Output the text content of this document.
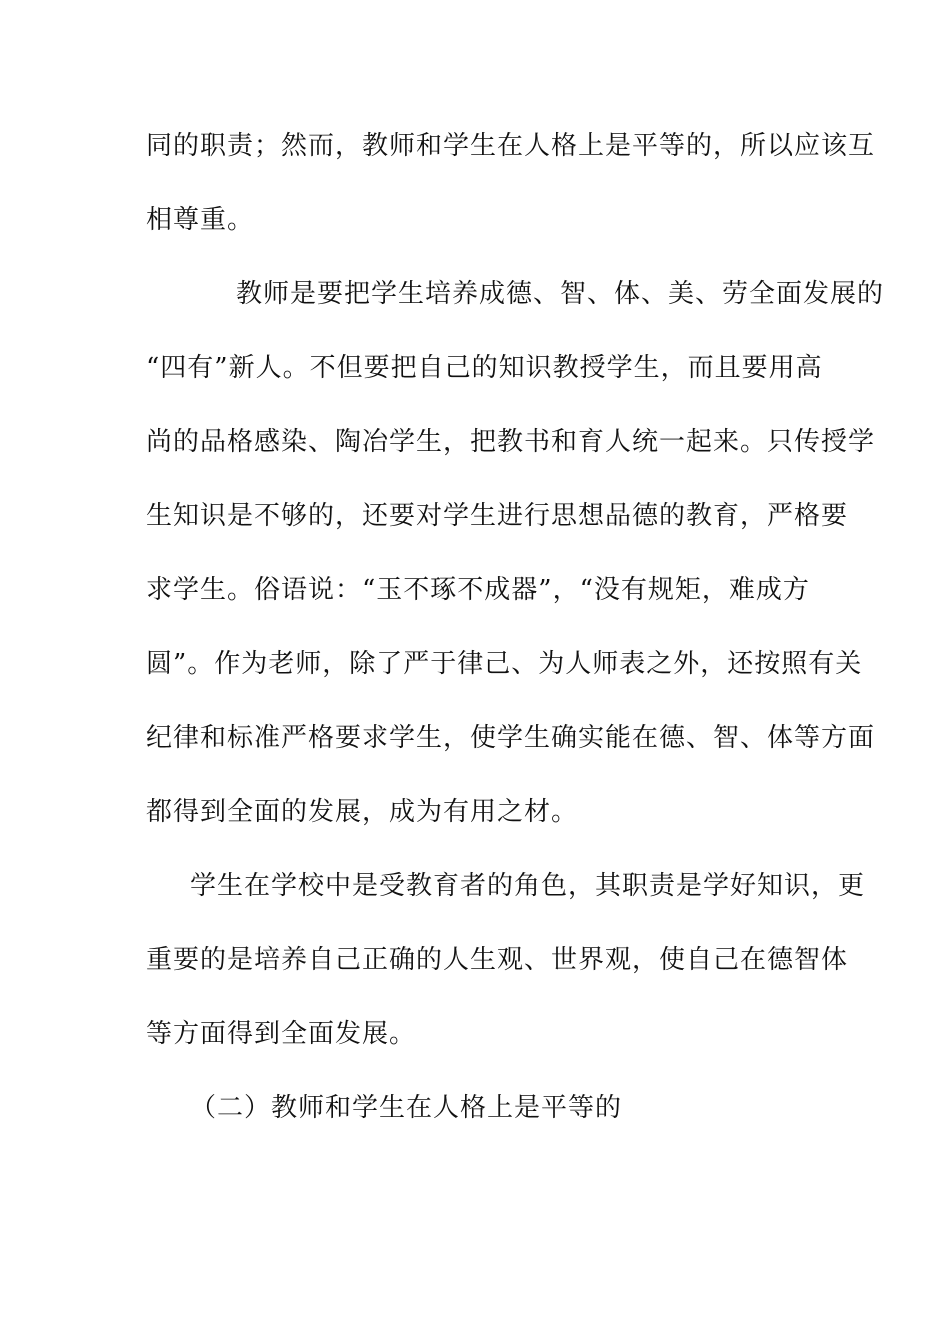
同的职责；然而，教师和学生在人格上是平等的，所以应该互
相尊重。
教师是要把学生培养成德、智、体、美、劳全面发展的
“四有”新人。不但要把自己的知识教授学生，而且要用高
尚的品格感染、陶冶学生，把教书和育人统一起来。只传授学
生知识是不够的，还要对学生进行思想品德的教育，严格要
求学生。俗语说：“玉不琢不成器”，“没有规矩，难成方
圆”。作为老师，除了严于律己、为人师表之外，还按照有关
纪律和标准严格要求学生，使学生确实能在德、智、体等方面
都得到全面的发展，成为有用之材。
学生在学校中是受教育者的角色，其职责是学好知识，更
重要的是培养自己正确的人生观、世界观，使自己在德智体
等方面得到全面发展。
（二）教师和学生在人格上是平等的
